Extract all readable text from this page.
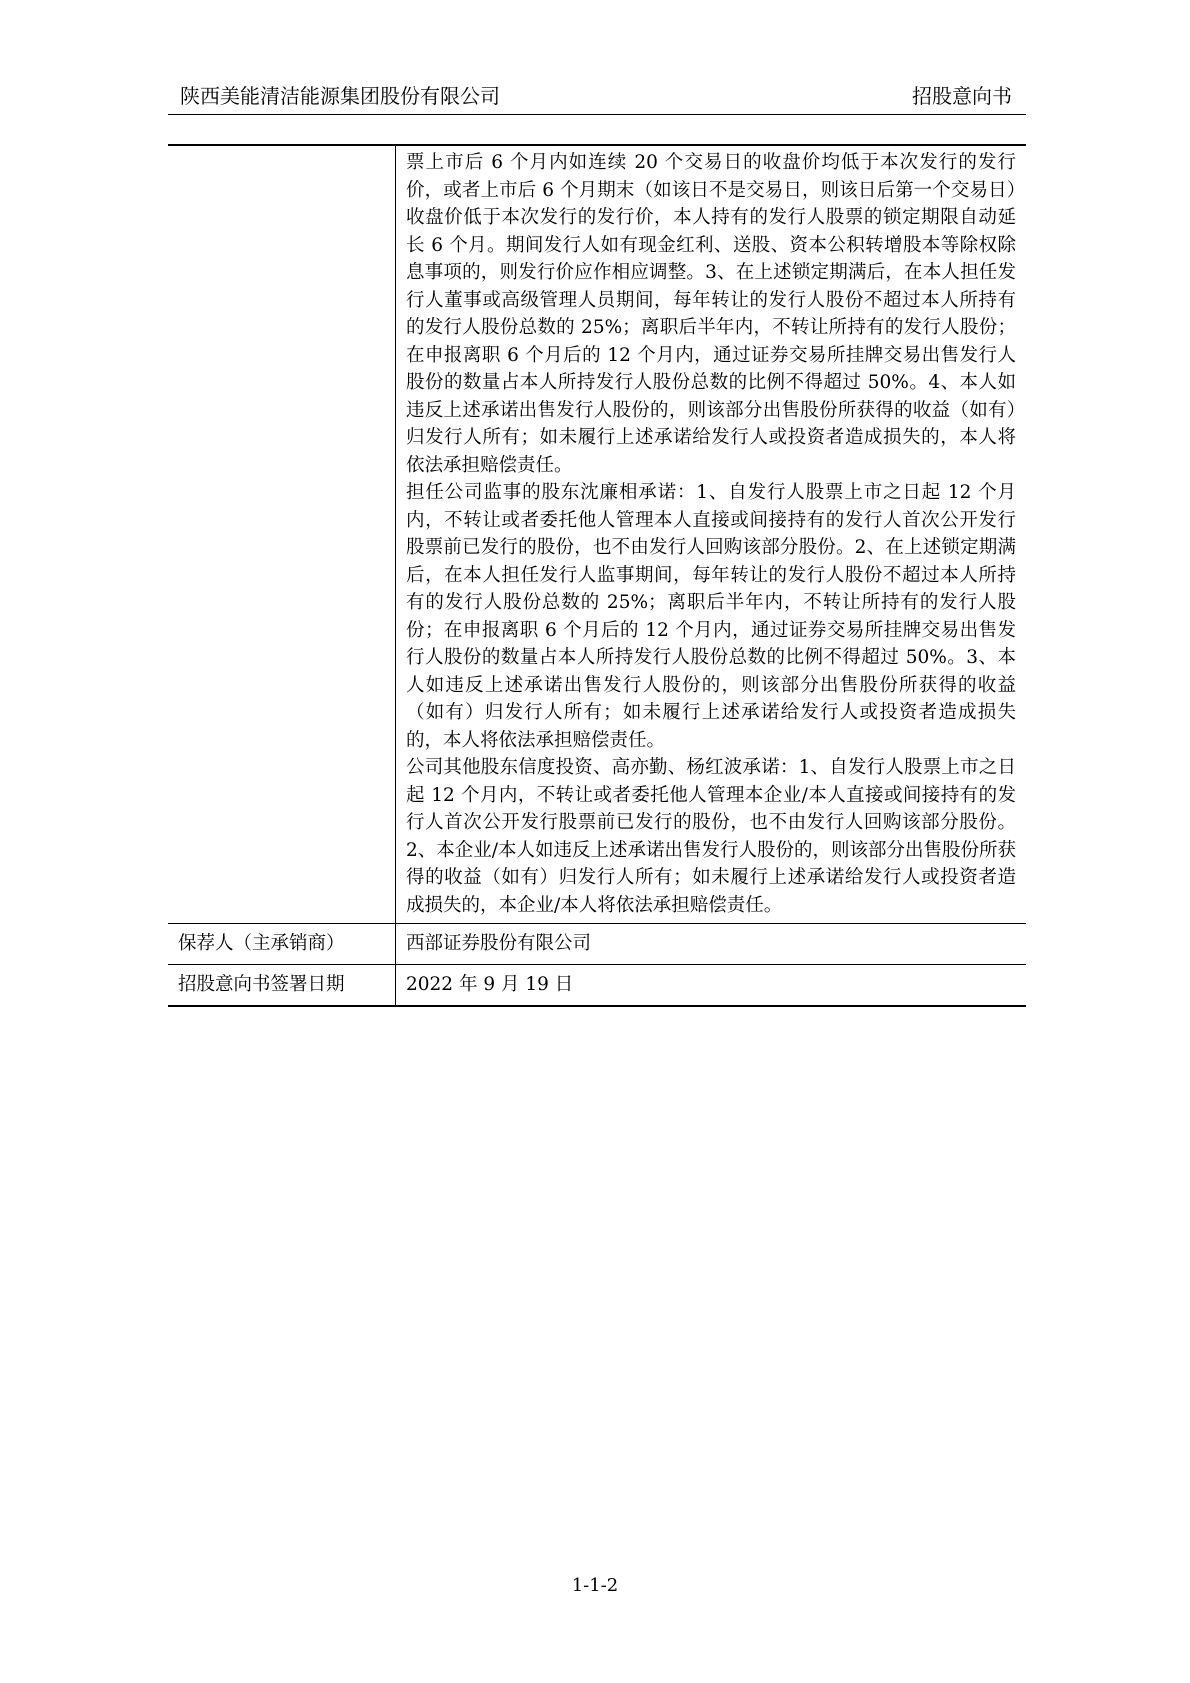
陕西美能清洁能源集团股份有限公司	招股意向书

	票上市后 6 个月内如连续 20 个交易日的收盘价均低于本次发行的发行价，或者上市后 6 个月期末（如该日不是交易日，则该日后第一个交易日）收盘价低于本次发行的发行价，本人持有的发行人股票的锁定期限自动延长 6 个月。期间发行人如有现金红利、送股、资本公积转增股本等除权除息事项的，则发行价应作相应调整。3、在上述锁定期满后，在本人担任发行人董事或高级管理人员期间，每年转让的发行人股份不超过本人所持有的发行人股份总数的 25%；离职后半年内，不转让所持有的发行人股份；在申报离职 6 个月后的 12 个月内，通过证券交易所挂牌交易出售发行人股份的数量占本人所持发行人股份总数的比例不得超过 50%。4、本人如违反上述承诺出售发行人股份的，则该部分出售股份所获得的收益（如有）归发行人所有；如未履行上述承诺给发行人或投资者造成损失的，本人将依法承担赔偿责任。

担任公司监事的股东沈廉相承诺：1、自发行人股票上市之日起 12 个月内，不转让或者委托他人管理本人直接或间接持有的发行人首次公开发行股票前已发行的股份，也不由发行人回购该部分股份。2、在上述锁定期满后，在本人担任发行人监事期间，每年转让的发行人股份不超过本人所持有的发行人股份总数的 25%；离职后半年内，不转让所持有的发行人股份；在申报离职 6 个月后的 12 个月内，通过证券交易所挂牌交易出售发行人股份的数量占本人所持发行人股份总数的比例不得超过 50%。3、本人如违反上述承诺出售发行人股份的，则该部分出售股份所获得的收益（如有）归发行人所有；如未履行上述承诺给发行人或投资者造成损失的，本人将依法承担赔偿责任。

公司其他股东信度投资、高亦勤、杨红波承诺：1、自发行人股票上市之日起 12 个月内，不转让或者委托他人管理本企业/本人直接或间接持有的发行人首次公开发行股票前已发行的股份，也不由发行人回购该部分股份。2、本企业/本人如违反上述承诺出售发行人股份的，则该部分出售股份所获得的收益（如有）归发行人所有；如未履行上述承诺给发行人或投资者造成损失的，本企业/本人将依法承担赔偿责任。

保荐人（主承销商）	西部证券股份有限公司
招股意向书签署日期	2022 年 9 月 19 日
1-1-2
